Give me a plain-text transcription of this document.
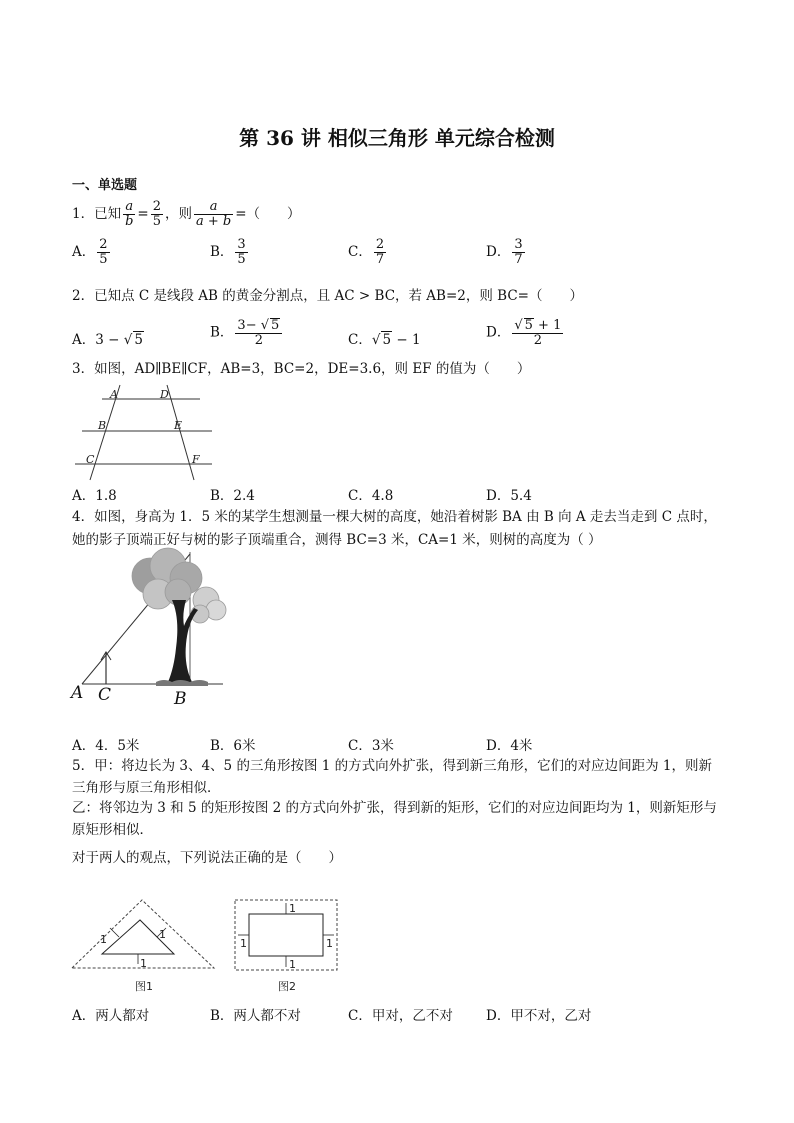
第 36 讲 相似三角形 单元综合检测
一、单选题
1．已知 $\frac{a}{b} = \frac{2}{5}$ ，则 $\frac{a}{a + b}$ =（　　）
A． $\frac{2}{5}$	B． $\frac{3}{5}$	C． $\frac{2}{7}$	D． $\frac{3}{7}$
2．已知点 C 是线段 AB 的黄金分割点，且 AC > BC，若 AB=2，则 BC=（　　）
A．3 − √ 5	B． $\frac{3- √ 5}{2}$	C．√ 5 − 1	D． $\frac{√ 5 + 1}{2}$
3．如图，AD∥BE∥CF，AB=3，BC=2，DE=3.6，则 EF 的值为（　　）
A	D
B	E
C	F
A．1.8	B．2.4	C．4.8	D．5.4
4．如图，身高为 1．5 米的某学生想测量一棵大树的高度，她沿着树影 BA 由 B 向 A 走去当走到 C 点时，
她的影子顶端正好与树的影子顶端重合，测得 BC=3 米，CA=1 米，则树的高度为（ ）
A C	B
A．4．5米	B．6米	C．3米	D．4米
5．甲：将边长为 3、4、5 的三角形按图 1 的方式向外扩张，得到新三角形，它们的对应边间距为 1，则新
三角形与原三角形相似．
乙：将邻边为 3 和 5 的矩形按图 2 的方式向外扩张，得到新的矩形，它们的对应边间距均为 1，则新矩形与
原矩形相似．
对于两人的观点，下列说法正确的是（　　）
1	1
1
图1
1
1
1	1
图2
A．两人都对	B．两人都不对	C．甲对，乙不对 D．甲不对，乙对
